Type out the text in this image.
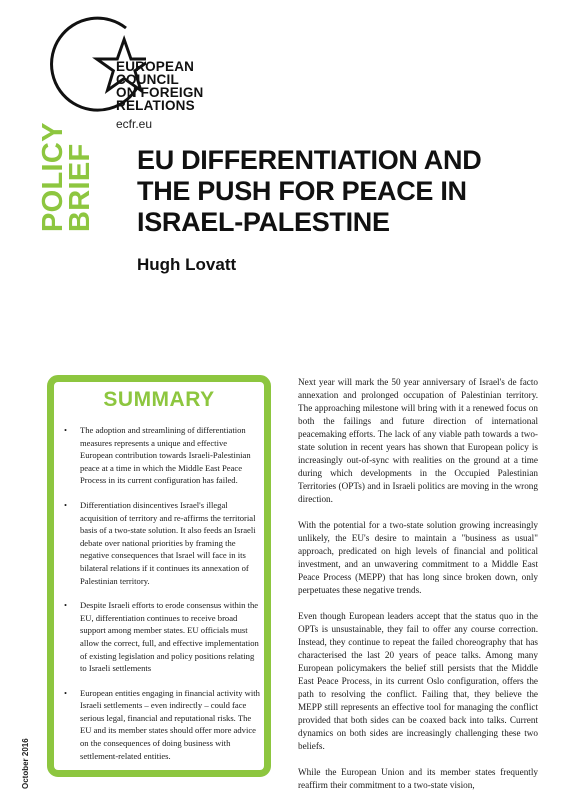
EUROPEAN
COUNCIL
ON FOREIGN
RELATIONS
ecfr.eu
POLICY
BRIEF EU DIFFERENTIATION AND
THE PUSH FOR PEACE IN
ISRAEL-PALESTINE
Hugh Lovatt
SUMMARY
• The adoption and streamlining of differentiation measures represents a unique and effective European contribution towards Israeli-Palestinian peace at a time in which the Middle East Peace Process in its current configuration has failed.
• Differentiation disincentives Israel's illegal acquisition of territory and re-affirms the territorial basis of a two-state solution. It also feeds an Israeli debate over national priorities by framing the negative consequences that Israel will face in its bilateral relations if it continues its annexation of Palestinian territory.
• Despite Israeli efforts to erode consensus within the EU, differentiation continues to receive broad support among member states. EU officials must allow the correct, full, and effective implementation of existing legislation and policy positions relating to Israeli settlements
• European entities engaging in financial activity with Israeli settlements – even indirectly – could face serious legal, financial and reputational risks. The EU and its member states should offer more advice on the consequences of doing business with settlement-related entities.
October 2016

Next year will mark the 50 year anniversary of Israel's de facto annexation and prolonged occupation of Palestinian territory. The approaching milestone will bring with it a renewed focus on both the failings and future direction of international peacemaking efforts. The lack of any viable path towards a two-state solution in recent years has shown that European policy is increasingly out-of-sync with realities on the ground at a time during which developments in the Occupied Palestinian Territories (OPTs) and in Israeli politics are moving in the wrong direction.

With the potential for a two-state solution growing increasingly unlikely, the EU's desire to maintain a "business as usual" approach, predicated on high levels of financial and political investment, and an unwavering commitment to a Middle East Peace Process (MEPP) that has long since broken down, only perpetuates these negative trends.

Even though European leaders accept that the status quo in the OPTs is unsustainable, they fail to offer any course correction. Instead, they continue to repeat the failed choreography that has characterised the last 20 years of peace talks. Among many European policymakers the belief still persists that the Middle East Peace Process, in its current Oslo configuration, offers the path to resolving the conflict. Failing that, they believe the MEPP still represents an effective tool for managing the conflict provided that both sides can be coaxed back into talks. Current dynamics on both sides are increasingly challenging these two beliefs.

While the European Union and its member states frequently reaffirm their commitment to a two-state vision,
